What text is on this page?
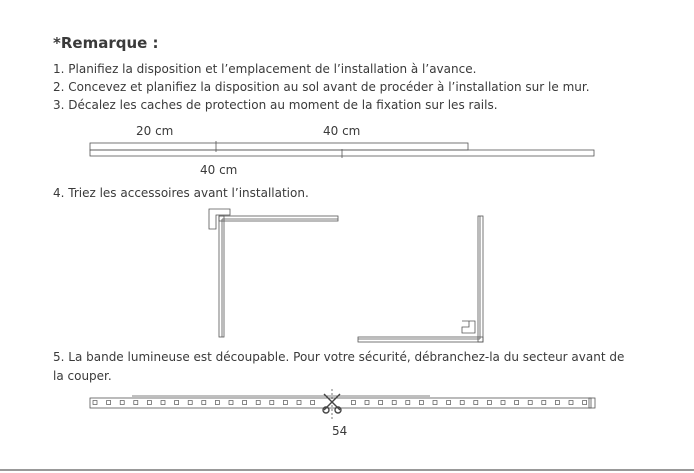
*Remarque :
1. Planifiez la disposition et l’emplacement de l’installation à l’avance.
2. Concevez et planifiez la disposition au sol avant de procéder à l’installation sur le mur.
3. Décalez les caches de protection au moment de la fixation sur les rails.
20 cm	40 cm
40 cm
4. Triez les accessoires avant l’installation.
5. La bande lumineuse est découpable. Pour votre sécurité, débranchez-la du secteur avant de
la couper.
54
